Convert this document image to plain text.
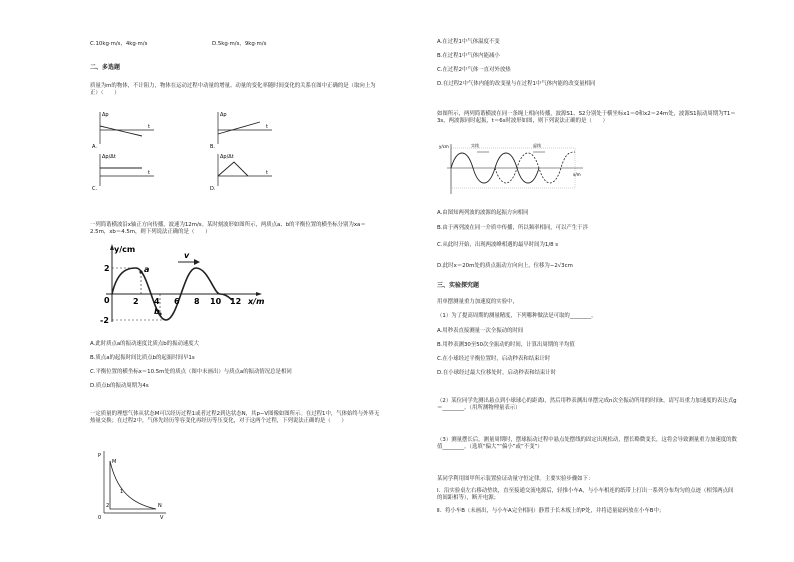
C.10kg·m/s，4kg·m/s	D.5kg·m/s，9kg·m/s
二、多选题
质量为m的物体，不计阻力，物体在运动过程中动量的增量、动量的变化率随时间变化的关系在图中正确的是（取向上为正）（　　）
Δp
t
A.
Δp
t
B.
Δp/Δt
t
C.
Δp/Δt
t
D.
一列简谐横波沿x轴正方向传播，波速为12m/s。某时刻波形如图所示，两质点a、b的平衡位置的横坐标分别为xa＝2.5m，xb＝4.5m，则下列说法正确的是（　　）
y/cm
x/m
2
-2
0	2 4 6 8 10 12
a
b
v
A.此时质点a的振动速度比质点b的振动速度大
B.质点a的起振时间比质点b的起振时间早1s
C.平衡位置的横坐标x＝10.5m处的质点（图中未画出）与质点a的振动情况总是相同
D.质点b的振动周期为4s
一定质量的理想气体从状态M可以经历过程1或者过程2到达状态N，其p−V图像如图所示。在过程1中，气体始终与外界无热量交换；在过程2中，气体先经历等容变化再经历等压变化，对于这两个过程，下列说法正确的是（　　）
P
V
M
N
1
2
0
A.在过程1中气体温度不变
B.在过程1中气体内能减小
C.在过程2中气体一直对外放热
D.在过程2中气体内能的改变量与在过程1中气体内能的改变量相同
如图所示，两列简谐横波在同一条绳上相向传播，波源S1、S2分别处于横坐标x1＝0和x2＝24m处，波源S1振动周期为T1＝3s，两波源同时起振，t＝6s时波形如图，则下列说法正确的是（　　）
y/cm
x/m
实线	虚线
A.由图知两列波的波源的起振方向相同
B.由于两列波在同一介质中传播，所以频率相同，可以产生干涉
C.从此时开始，出现两波峰相遇的最早时间为1/8 s
D.此时x＝20m处的质点振动方向向上，位移为−2√3cm
三、实验探究题
用单摆测量重力加速度的实验中，
（1）为了提高周期的测量精度，下列哪种做法是可取的________。
A.用秒表直接测量一次全振动的时间
B.用秒表测30至50次全振动的时间，计算出周期的平均值
C.在小球经过平衡位置时，启动秒表和结束计时
D.在小球经过最大位移处时，启动秒表和结束计时
（2）某位同学先测出悬点到小球球心的距离l，然后用秒表测出单摆完成n次全振动所用的时间t，请写出重力加速度的表达式g＝________。（用所测物理量表示）
（3）测量摆长后，测量周期时，摆球振动过程中悬点处摆线的固定出现松动，摆长略微变长，这将会导致测量重力加速度的数值________。（选填“偏大”“偏小”或“不变”）
某同学利用图甲所示装置验证动量守恒定律。主要实验步骤如下：
Ⅰ．沿实验桌左右移动垫块，直至接通交流电源后，轻推小车A，与小车相连的纸带上打出一系列分布均匀的点迹（相邻两点间的间距相等），断开电源；
Ⅱ．将小车B（未画出，与小车A完全相同）静置于长木板上的P处，并将适量砝码放在小车B中；
